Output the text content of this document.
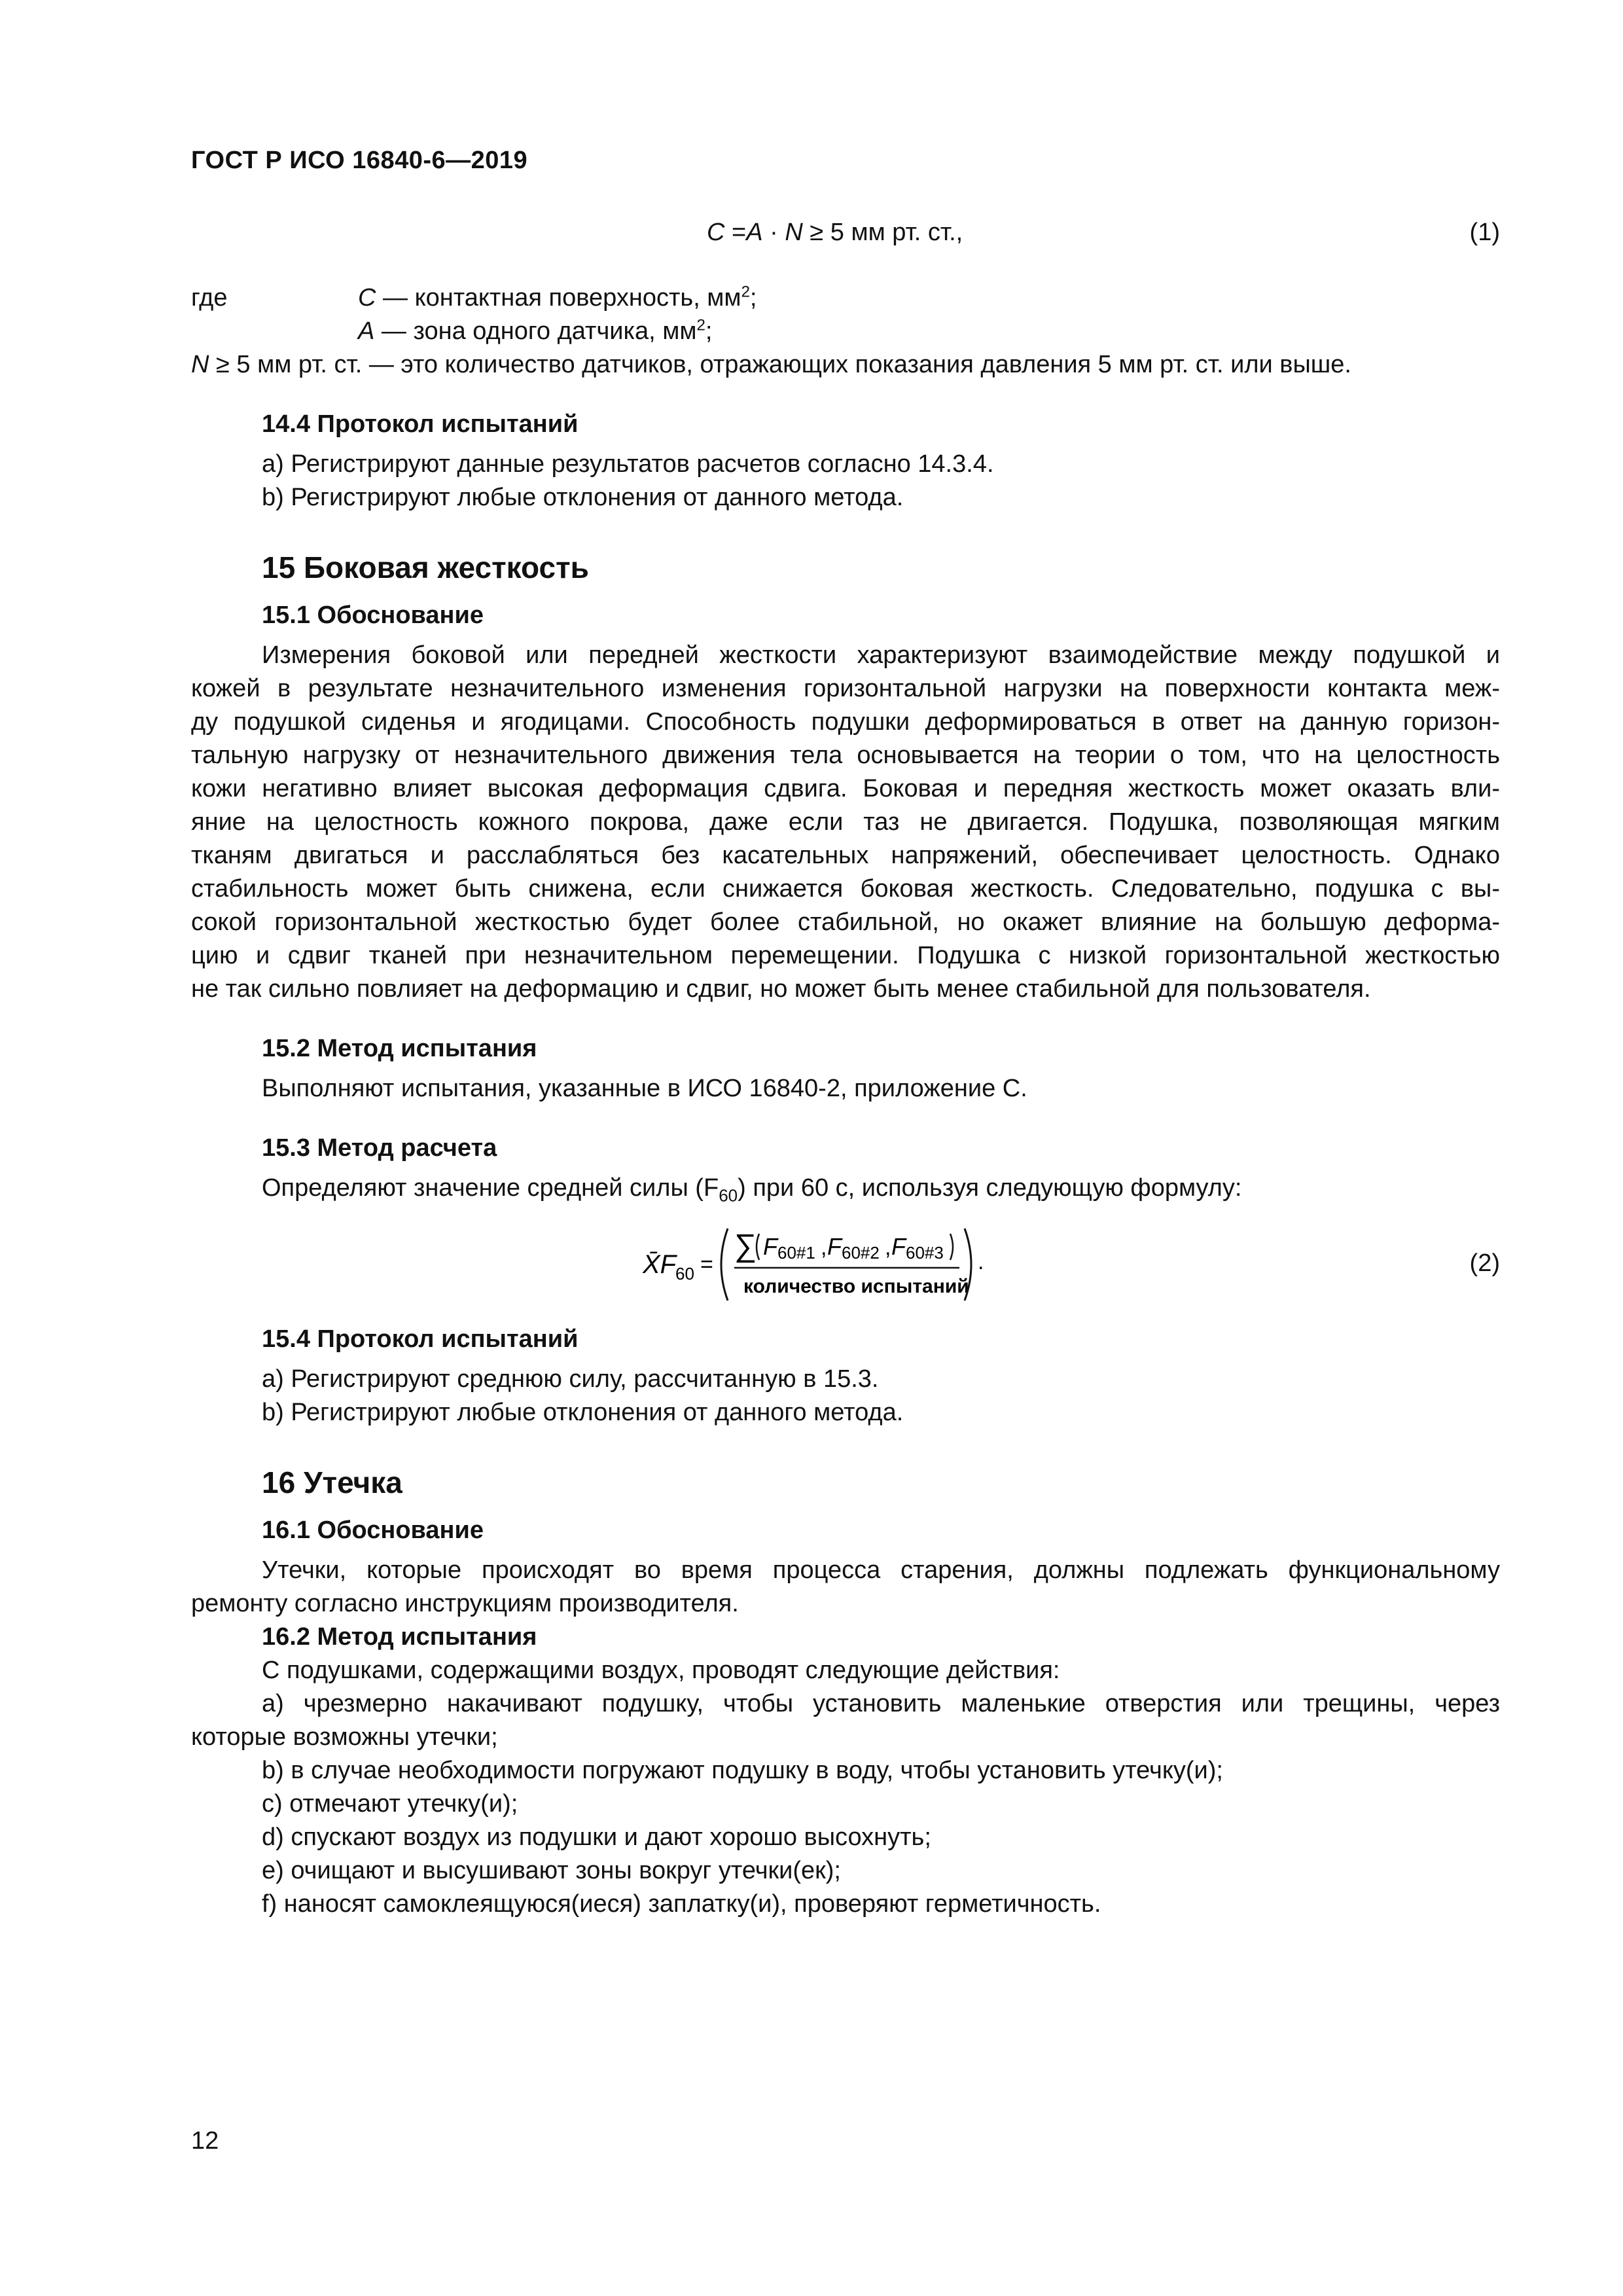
ГОСТ Р ИСО 16840-6—2019
C =A · N ≥ 5 мм рт. ст.,	(1)
где	C — контактная поверхность, $мм^2$;
A — зона одного датчика, $мм^2$;
N ≥ 5 мм рт. ст. — это количество датчиков, отражающих показания давления 5 мм рт. ст. или выше.
14.4 Протокол испытаний

a) Регистрируют данные результатов расчетов согласно 14.3.4.

b) Регистрируют любые отклонения от данного метода.

15 Боковая жесткость
15.1 Обоснование

Измерения боковой или передней жесткости характеризуют взаимодействие между подушкой и

кожей в результате незначительного изменения горизонтальной нагрузки на поверхности контакта меж-

ду подушкой сиденья и ягодицами. Способность подушки деформироваться в ответ на данную горизон-

тальную нагрузку от незначительного движения тела основывается на теории о том, что на целостность

кожи негативно влияет высокая деформация сдвига. Боковая и передняя жесткость может оказать вли-

яние на целостность кожного покрова, даже если таз не двигается. Подушка, позволяющая мягким

тканям двигаться и расслабляться без касательных напряжений, обеспечивает целостность. Однако

стабильность может быть снижена, если снижается боковая жесткость. Следовательно, подушка с вы-

сокой горизонтальной жесткостью будет более стабильной, но окажет влияние на большую деформа-

цию и сдвиг тканей при незначительном перемещении. Подушка с низкой горизонтальной жесткостью

не так сильно повлияет на деформацию и сдвиг, но может быть менее стабильной для пользователя.

15.2 Метод испытания

Выполняют испытания, указанные в ИСО 16840-2, приложение С.

15.3 Метод расчета

Определяют значение средней силы $(F_{60})$ при 60 с, используя следующую формулу:

X̄F
60 =
∑ F 60#1 , F 60#2 , F 60#3
количество испытаний
.	(2)
15.4 Протокол испытаний

a) Регистрируют среднюю силу, рассчитанную в 15.3.

b) Регистрируют любые отклонения от данного метода.

16 Утечка
16.1 Обоснование

Утечки, которые происходят во время процесса старения, должны подлежать функциональному

ремонту согласно инструкциям производителя.

16.2 Метод испытания

С подушками, содержащими воздух, проводят следующие действия:

a) чрезмерно накачивают подушку, чтобы установить маленькие отверстия или трещины, через

которые возможны утечки;

b) в случае необходимости погружают подушку в воду, чтобы установить утечку(и);

c) отмечают утечку(и);

d) спускают воздух из подушки и дают хорошо высохнуть;

e) очищают и высушивают зоны вокруг утечки(ек);

f) наносят самоклеящуюся(иеся) заплатку(и), проверяют герметичность.

12
